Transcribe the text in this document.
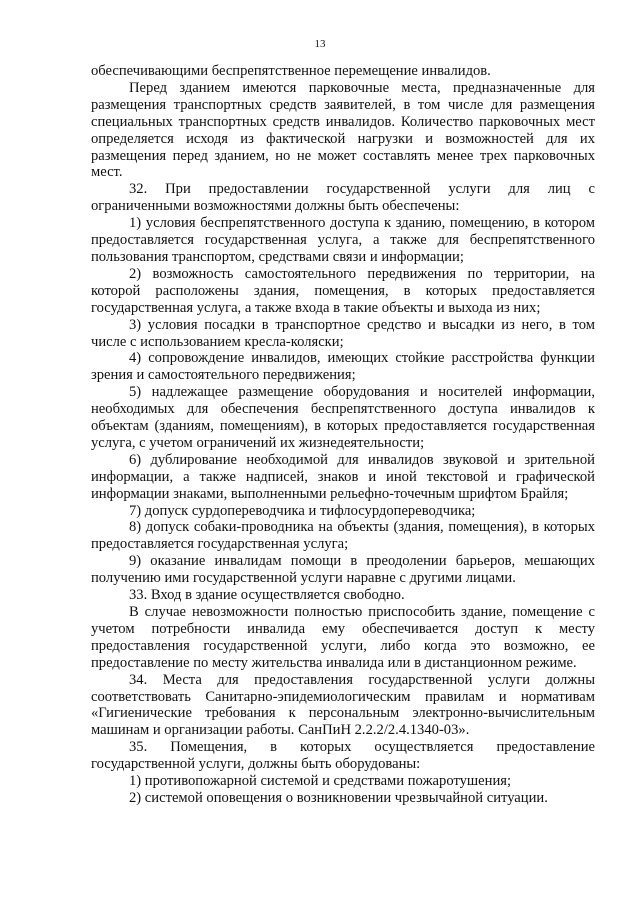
13

обеспечивающими беспрепятственное перемещение инвалидов.

Перед зданием имеются парковочные места, предназначенные для размещения транспортных средств заявителей, в том числе для размещения специальных транспортных средств инвалидов. Количество парковочных мест определяется исходя из фактической нагрузки и возможностей для их размещения перед зданием, но не может составлять менее трех парковочных мест.

32. При предоставлении государственной услуги для лиц с ограниченными возможностями должны быть обеспечены:

1) условия беспрепятственного доступа к зданию, помещению, в котором предоставляется государственная услуга, а также для беспрепятственного пользования транспортом, средствами связи и информации;

2) возможность самостоятельного передвижения по территории, на которой расположены здания, помещения, в которых предоставляется государственная услуга, а также входа в такие объекты и выхода из них;

3) условия посадки в транспортное средство и высадки из него, в том числе с использованием кресла-коляски;

4) сопровождение инвалидов, имеющих стойкие расстройства функции зрения и самостоятельного передвижения;

5) надлежащее размещение оборудования и носителей информации, необходимых для обеспечения беспрепятственного доступа инвалидов к объектам (зданиям, помещениям), в которых предоставляется государственная услуга, с учетом ограничений их жизнедеятельности;

6) дублирование необходимой для инвалидов звуковой и зрительной информации, а также надписей, знаков и иной текстовой и графической информации знаками, выполненными рельефно-точечным шрифтом Брайля;

7) допуск сурдопереводчика и тифлосурдопереводчика;

8) допуск собаки-проводника на объекты (здания, помещения), в которых предоставляется государственная услуга;

9) оказание инвалидам помощи в преодолении барьеров, мешающих получению ими государственной услуги наравне с другими лицами.

33. Вход в здание осуществляется свободно.

В случае невозможности полностью приспособить здание, помещение с учетом потребности инвалида ему обеспечивается доступ к месту предоставления государственной услуги, либо когда это возможно, ее предоставление по месту жительства инвалида или в дистанционном режиме.

34. Места для предоставления государственной услуги должны соответствовать Санитарно-эпидемиологическим правилам и нормативам «Гигиенические требования к персональным электронно-вычислительным машинам и организации работы. СанПиН 2.2.2/2.4.1340-03».

35. Помещения, в которых осуществляется предоставление государственной услуги, должны быть оборудованы:

1) противопожарной системой и средствами пожаротушения;

2) системой оповещения о возникновении чрезвычайной ситуации.
